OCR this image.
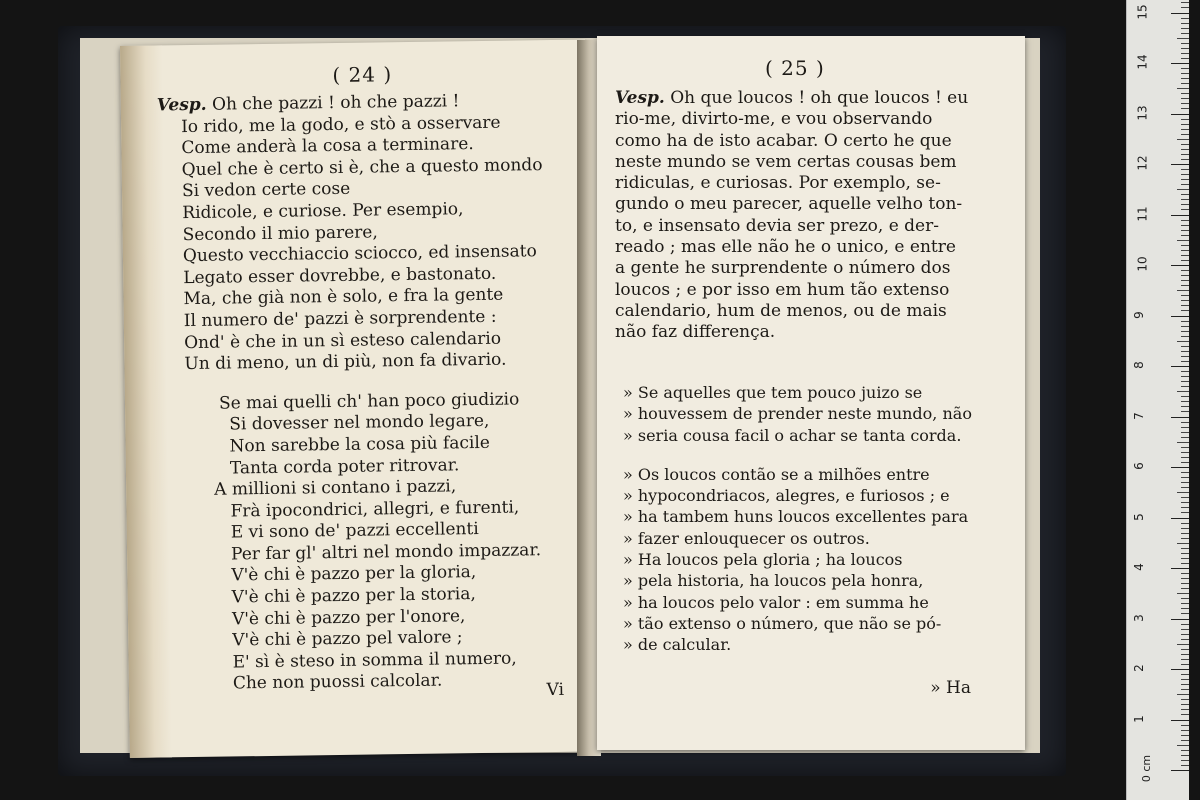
( 24 )
Vesp. Oh che pazzi ! oh che pazzi !
Io rido, me la godo, e stò a osservare
Come anderà la cosa a terminare.
Quel che è certo si è, che a questo mondo
Si vedon certe cose
Ridicole, e curiose. Per esempio,
Secondo il mio parere,
Questo vecchiaccio sciocco, ed insensato
Legato esser dovrebbe, e bastonato.
Ma, che già non è solo, e fra la gente
Il numero de' pazzi è sorprendente :
Ond' è che in un sì esteso calendario
Un di meno, un di più, non fa divario.
Se mai quelli ch' han poco giudizio
Si dovesser nel mondo legare,
Non sarebbe la cosa più facile
Tanta corda poter ritrovar.
A millioni si contano i pazzi,
Frà ipocondrici, allegri, e furenti,
E vi sono de' pazzi eccellenti
Per far gl' altri nel mondo impazzar.
V'è chi è pazzo per la gloria,
V'è chi è pazzo per la storia,
V'è chi è pazzo per l'onore,
V'è chi è pazzo pel valore ;
E' sì è steso in somma il numero,
Che non puossi calcolar.	Vi
( 25 )
Vesp. Oh que loucos ! oh que loucos ! eu
rio-me, divirto-me, e vou observando
como ha de isto acabar. O certo he que
neste mundo se vem certas cousas bem
ridiculas, e curiosas. Por exemplo, se-
gundo o meu parecer, aquelle velho ton-
to, e insensato devia ser prezo, e der-
reado ; mas elle não he o unico, e entre
a gente he surprendente o número dos
loucos ; e por isso em hum tão extenso
calendario, hum de menos, ou de mais
não faz differença.
» Se aquelles que tem pouco juizo se
» houvessem de prender neste mundo, não
» seria cousa facil o achar se tanta corda.
» Os loucos contão se a milhões entre
» hypocondriacos, alegres, e furiosos ; e
» ha tambem huns loucos excellentes para
» fazer enlouquecer os outros.
» Ha loucos pela gloria ; ha loucos
» pela historia, ha loucos pela honra,
» ha loucos pelo valor : em summa he
» tão extenso o número, que não se pó-
» de calcular.
» Ha
0 cm
1
2
3
4
5
6
7
8
9
10
11
12
13
14
15
